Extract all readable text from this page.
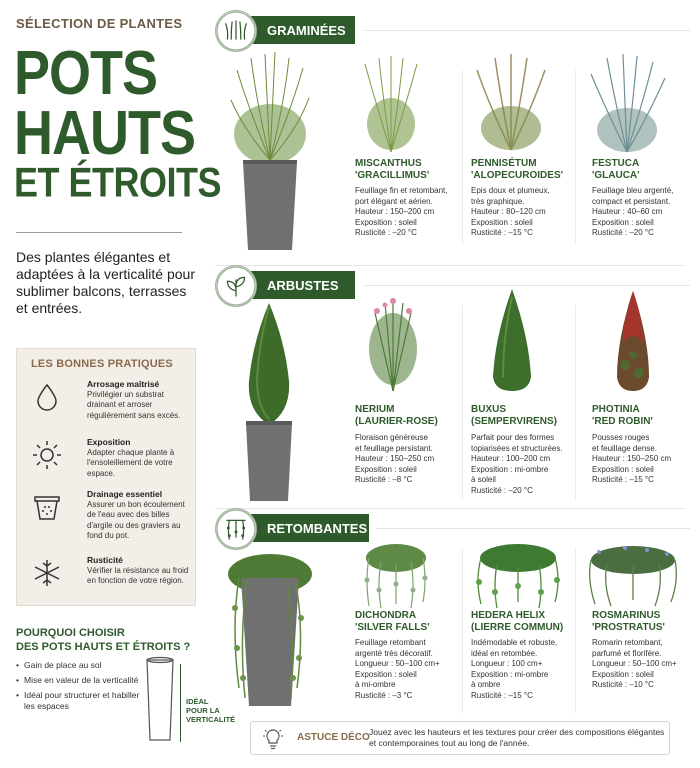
SÉLECTION DE PLANTES
POTS
HAUTS
ET ÉTROITS
Des plantes élégantes et adaptées à la verticalité pour sublimer balcons, terrasses et entrées.
LES BONNES PRATIQUES
Arrosage maîtrisé
Privilégier un substrat drainant et arroser régulièrement sans excès.
Exposition
Adapter chaque plante à l'ensoleillement de votre espace.
Drainage essentiel
Assurer un bon écoulement de l'eau avec des billes d'argile ou des graviers au fond du pot.
Rusticité
Vérifier la résistance au froid en fonction de votre région.
POURQUOI CHOISIR
DES POTS HAUTS ET ÉTROITS ?
• Gain de place au sol
• Mise en valeur de la verticalité
• Idéal pour structurer et habiller les espaces	IDÉAL
POUR LA
VERTICALITÉ
GRAMINÉES
MISCANTHUS
'GRACILLIMUS'
Feuillage fin et retombant,
port élégant et aérien.
Hauteur : 150–200 cm
Exposition : soleil
Rusticité : –20 °C
PENNISÉTUM
'ALOPECUROIDES'
Epis doux et plumeux,
très graphique.
Hauteur : 80–120 cm
Exposition : soleil
Rusticité : –15 °C
FESTUCA
'GLAUCA'
Feuillage bleu argenté,
compact et persistant.
Hauteur : 40–60 cm
Exposition : soleil
Rusticité : –20 °C
ARBUSTES
NERIUM
(LAURIER-ROSE)
Floraison généreuse
et feuillage persistant.
Hauteur : 150–250 cm
Exposition : soleil
Rusticité : –8 °C
BUXUS
(SEMPERVIRENS)
Parfait pour des formes
topiarisées et structurées.
Hauteur : 100–200 cm
Exposition : mi-ombre
à soleil
Rusticité : –20 °C
PHOTINIA
'RED ROBIN'
Pousses rouges
et feuillage dense.
Hauteur : 150–250 cm
Exposition : soleil
Rusticité : –15 °C
RETOMBANTES
DICHONDRA
'SILVER FALLS'
Feuillage retombant
argenté très décoratif.
Longueur : 50–100 cm+
Exposition : soleil
à mi-ombre
Rusticité : –3 °C
HEDERA HELIX
(LIERRE COMMUN)
Indémodable et robuste,
idéal en retombée.
Longueur : 100 cm+
Exposition : mi-ombre
à ombre
Rusticité : –15 °C
ROSMARINUS
'PROSTRATUS'
Romarin retombant,
parfumé et florifère.
Longueur : 50–100 cm+
Exposition : soleil
Rusticité : –10 °C
ASTUCE DÉCO Jouez avec les hauteurs et les textures pour créer des compositions élégantes et contemporaines tout au long de l'année.
